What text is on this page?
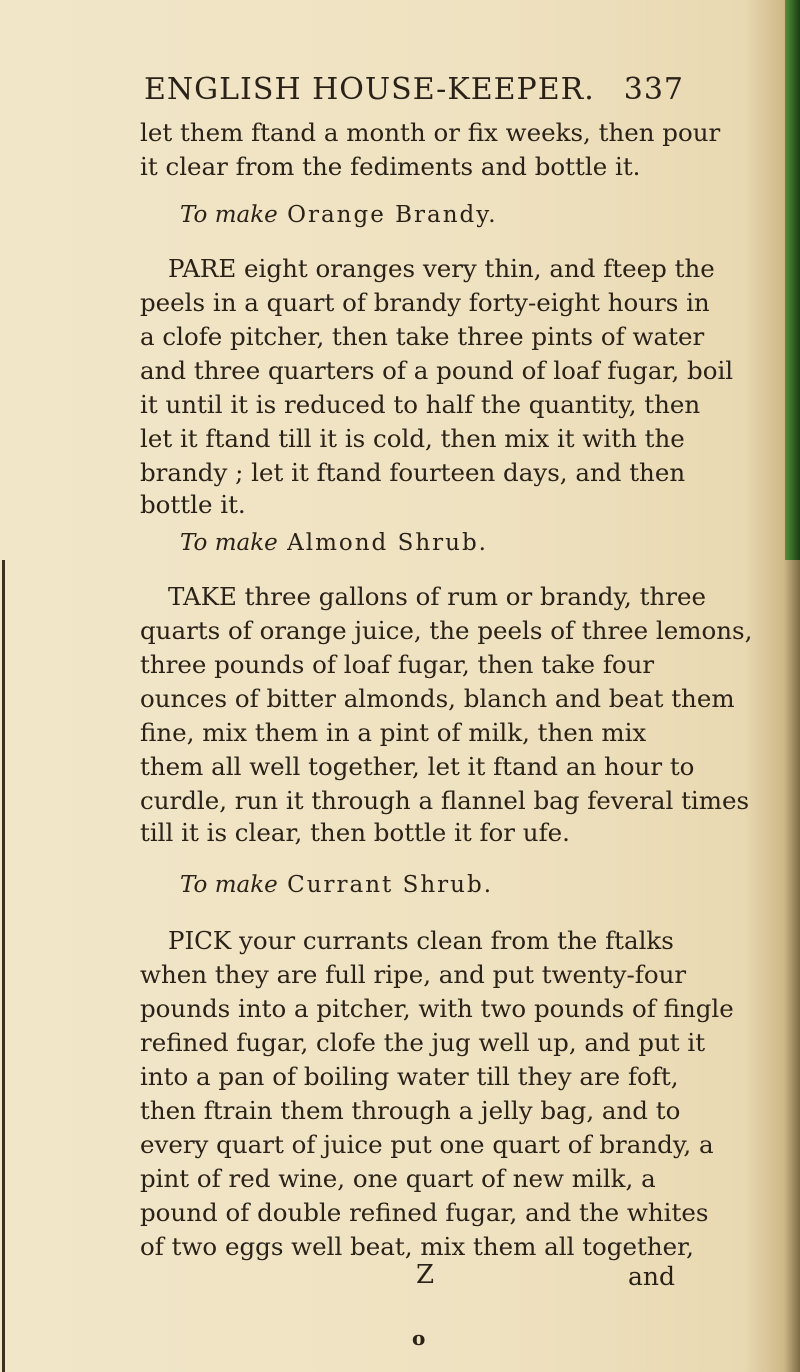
ENGLISH HOUSE-KEEPER. 337
let them ftand a month or fix weeks, then pour
it clear from the fediments and bottle it.
To make Orange Brandy.
PARE eight oranges very thin, and fteep the
peels in a quart of brandy forty-eight hours in
a clofe pitcher, then take three pints of water
and three quarters of a pound of loaf fugar, boil
it until it is reduced to half the quantity, then
let it ftand till it is cold, then mix it with the
brandy ; let it ftand fourteen days, and then
bottle it.
To make Almond Shrub.
TAKE three gallons of rum or brandy, three
quarts of orange juice, the peels of three lemons,
three pounds of loaf fugar, then take four
ounces of bitter almonds, blanch and beat them
fine, mix them in a pint of milk, then mix
them all well together, let it ftand an hour to
curdle, run it through a flannel bag feveral times
till it is clear, then bottle it for ufe.
To make Currant Shrub.
PICK your currants clean from the ftalks
when they are full ripe, and put twenty-four
pounds into a pitcher, with two pounds of fingle
refined fugar, clofe the jug well up, and put it
into a pan of boiling water till they are foft,
then ftrain them through a jelly bag, and to
every quart of juice put one quart of brandy, a
pint of red wine, one quart of new milk, a
pound of double refined fugar, and the whites
of two eggs well beat, mix them all together,
Z	and
o
